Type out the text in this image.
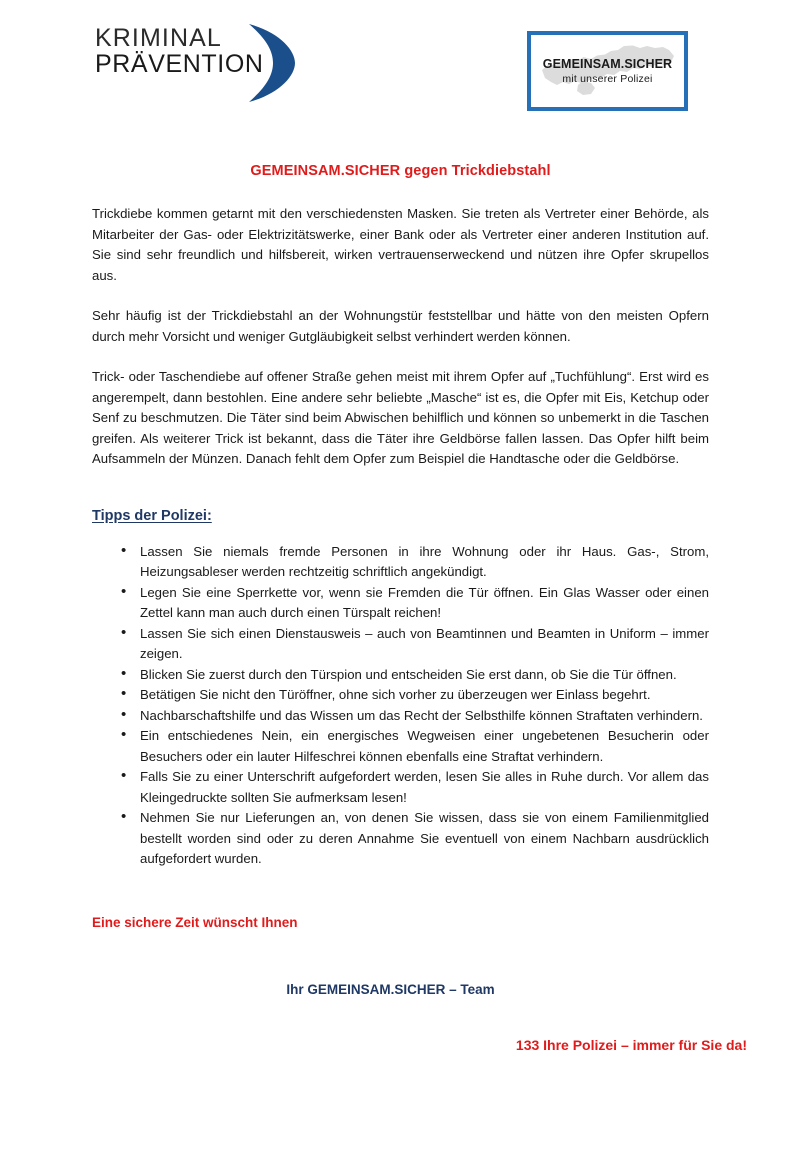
KRIMINAL
PRÄVENTION	GEMEINSAM.SICHER
mit unserer Polizei
GEMEINSAM.SICHER gegen Trickdiebstahl

Trickdiebe kommen getarnt mit den verschiedensten Masken. Sie treten als Vertreter einer Behörde, als Mitarbeiter der Gas- oder Elektrizitätswerke, einer Bank oder als Vertreter einer anderen Institution auf. Sie sind sehr freundlich und hilfsbereit, wirken vertrauenserweckend und nützen ihre Opfer skrupellos aus.

Sehr häufig ist der Trickdiebstahl an der Wohnungstür feststellbar und hätte von den meisten Opfern durch mehr Vorsicht und weniger Gutgläubigkeit selbst verhindert werden können.

Trick- oder Taschendiebe auf offener Straße gehen meist mit ihrem Opfer auf „Tuchfühlung“. Erst wird es angerempelt, dann bestohlen. Eine andere sehr beliebte „Masche“ ist es, die Opfer mit Eis, Ketchup oder Senf zu beschmutzen. Die Täter sind beim Abwischen behilflich und können so unbemerkt in die Taschen greifen. Als weiterer Trick ist bekannt, dass die Täter ihre Geldbörse fallen lassen. Das Opfer hilft beim Aufsammeln der Münzen. Danach fehlt dem Opfer zum Beispiel die Handtasche oder die Geldbörse.

Tipps der Polizei:
• Lassen Sie niemals fremde Personen in ihre Wohnung oder ihr Haus. Gas-, Strom, Heizungsableser werden rechtzeitig schriftlich angekündigt.
• Legen Sie eine Sperrkette vor, wenn sie Fremden die Tür öffnen. Ein Glas Wasser oder einen Zettel kann man auch durch einen Türspalt reichen!
• Lassen Sie sich einen Dienstausweis – auch von Beamtinnen und Beamten in Uniform – immer zeigen.
• Blicken Sie zuerst durch den Türspion und entscheiden Sie erst dann, ob Sie die Tür öffnen.
• Betätigen Sie nicht den Türöffner, ohne sich vorher zu überzeugen wer Einlass begehrt.
• Nachbarschaftshilfe und das Wissen um das Recht der Selbsthilfe können Straftaten verhindern.
• Ein entschiedenes Nein, ein energisches Wegweisen einer ungebetenen Besucherin oder Besuchers oder ein lauter Hilfeschrei können ebenfalls eine Straftat verhindern.
• Falls Sie zu einer Unterschrift aufgefordert werden, lesen Sie alles in Ruhe durch. Vor allem das Kleingedruckte sollten Sie aufmerksam lesen!
• Nehmen Sie nur Lieferungen an, von denen Sie wissen, dass sie von einem Familienmitglied bestellt worden sind oder zu deren Annahme Sie eventuell von einem Nachbarn ausdrücklich aufgefordert wurden.
Eine sichere Zeit wünscht Ihnen
Ihr GEMEINSAM.SICHER – Team
133 Ihre Polizei – immer für Sie da!
